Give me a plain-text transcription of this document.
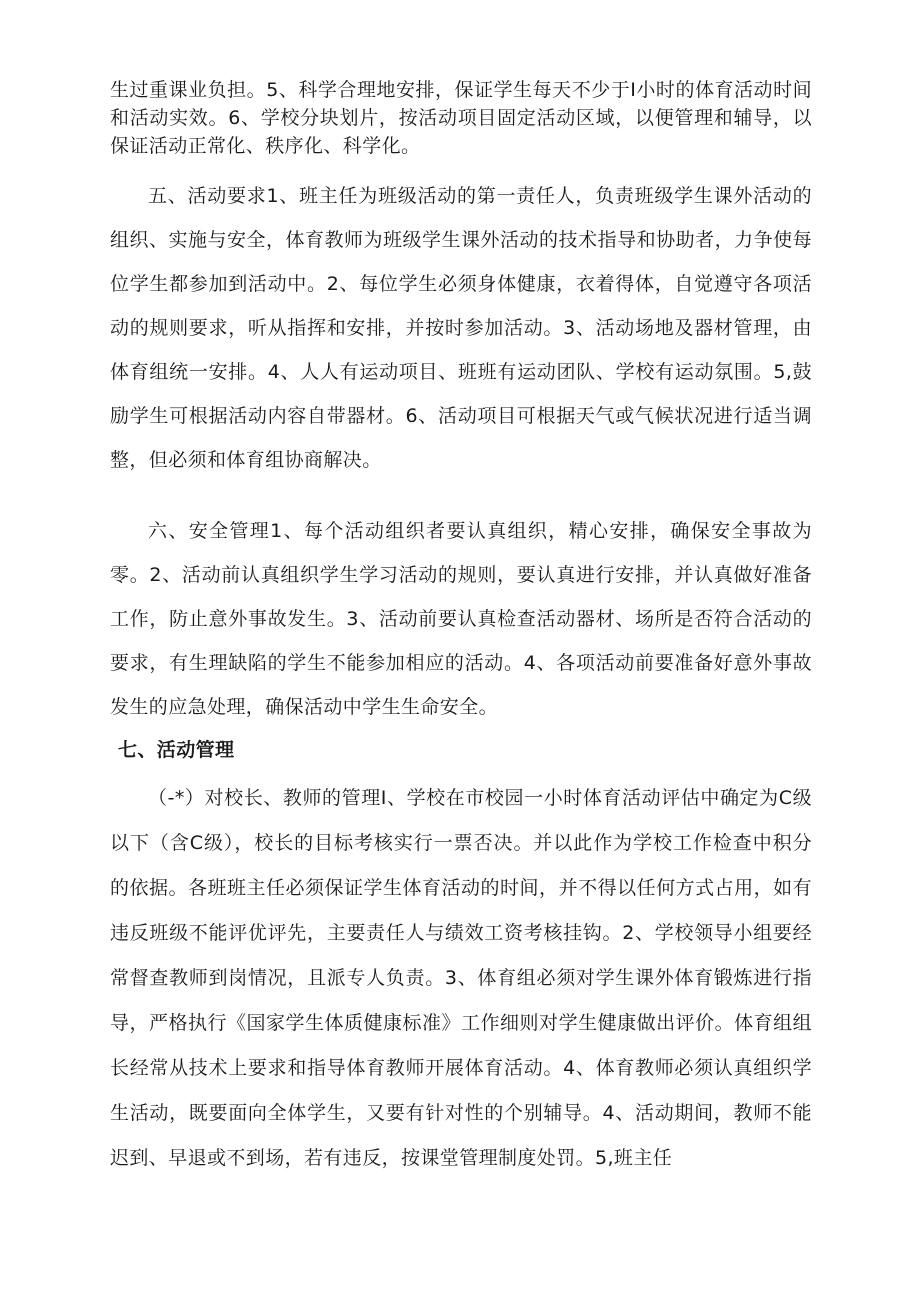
生过重课业负担。5、科学合理地安排，保证学生每天不少于I小时的体育活动时间和活动实效。6、学校分块划片，按活动项目固定活动区域，以便管理和辅导，以保证活动正常化、秩序化、科学化。

五、活动要求1、班主任为班级活动的第一责任人，负责班级学生课外活动的组织、实施与安全，体育教师为班级学生课外活动的技术指导和协助者，力争使每位学生都参加到活动中。2、每位学生必须身体健康，衣着得体，自觉遵守各项活动的规则要求，听从指挥和安排，并按时参加活动。3、活动场地及器材管理，由体育组统一安排。4、人人有运动项目、班班有运动团队、学校有运动氛围。5,鼓励学生可根据活动内容自带器材。6、活动项目可根据天气或气候状况进行适当调整，但必须和体育组协商解决。

六、安全管理1、每个活动组织者要认真组织，精心安排，确保安全事故为零。2、活动前认真组织学生学习活动的规则，要认真进行安排，并认真做好准备工作，防止意外事故发生。3、活动前要认真检查活动器材、场所是否符合活动的要求，有生理缺陷的学生不能参加相应的活动。4、各项活动前要准备好意外事故发生的应急处理，确保活动中学生生命安全。

七、活动管理

（-*）对校长、教师的管理I、学校在市校园一小时体育活动评估中确定为C级以下（含C级），校长的目标考核实行一票否决。并以此作为学校工作检查中积分的依据。各班班主任必须保证学生体育活动的时间，并不得以任何方式占用，如有违反班级不能评优评先，主要责任人与绩效工资考核挂钩。2、学校领导小组要经常督查教师到岗情况，且派专人负责。3、体育组必须对学生课外体育锻炼进行指导，严格执行《国家学生体质健康标准》工作细则对学生健康做出评价。体育组组长经常从技术上要求和指导体育教师开展体育活动。4、体育教师必须认真组织学生活动，既要面向全体学生，又要有针对性的个别辅导。4、活动期间，教师不能迟到、早退或不到场，若有违反，按课堂管理制度处罚。5,班主任
